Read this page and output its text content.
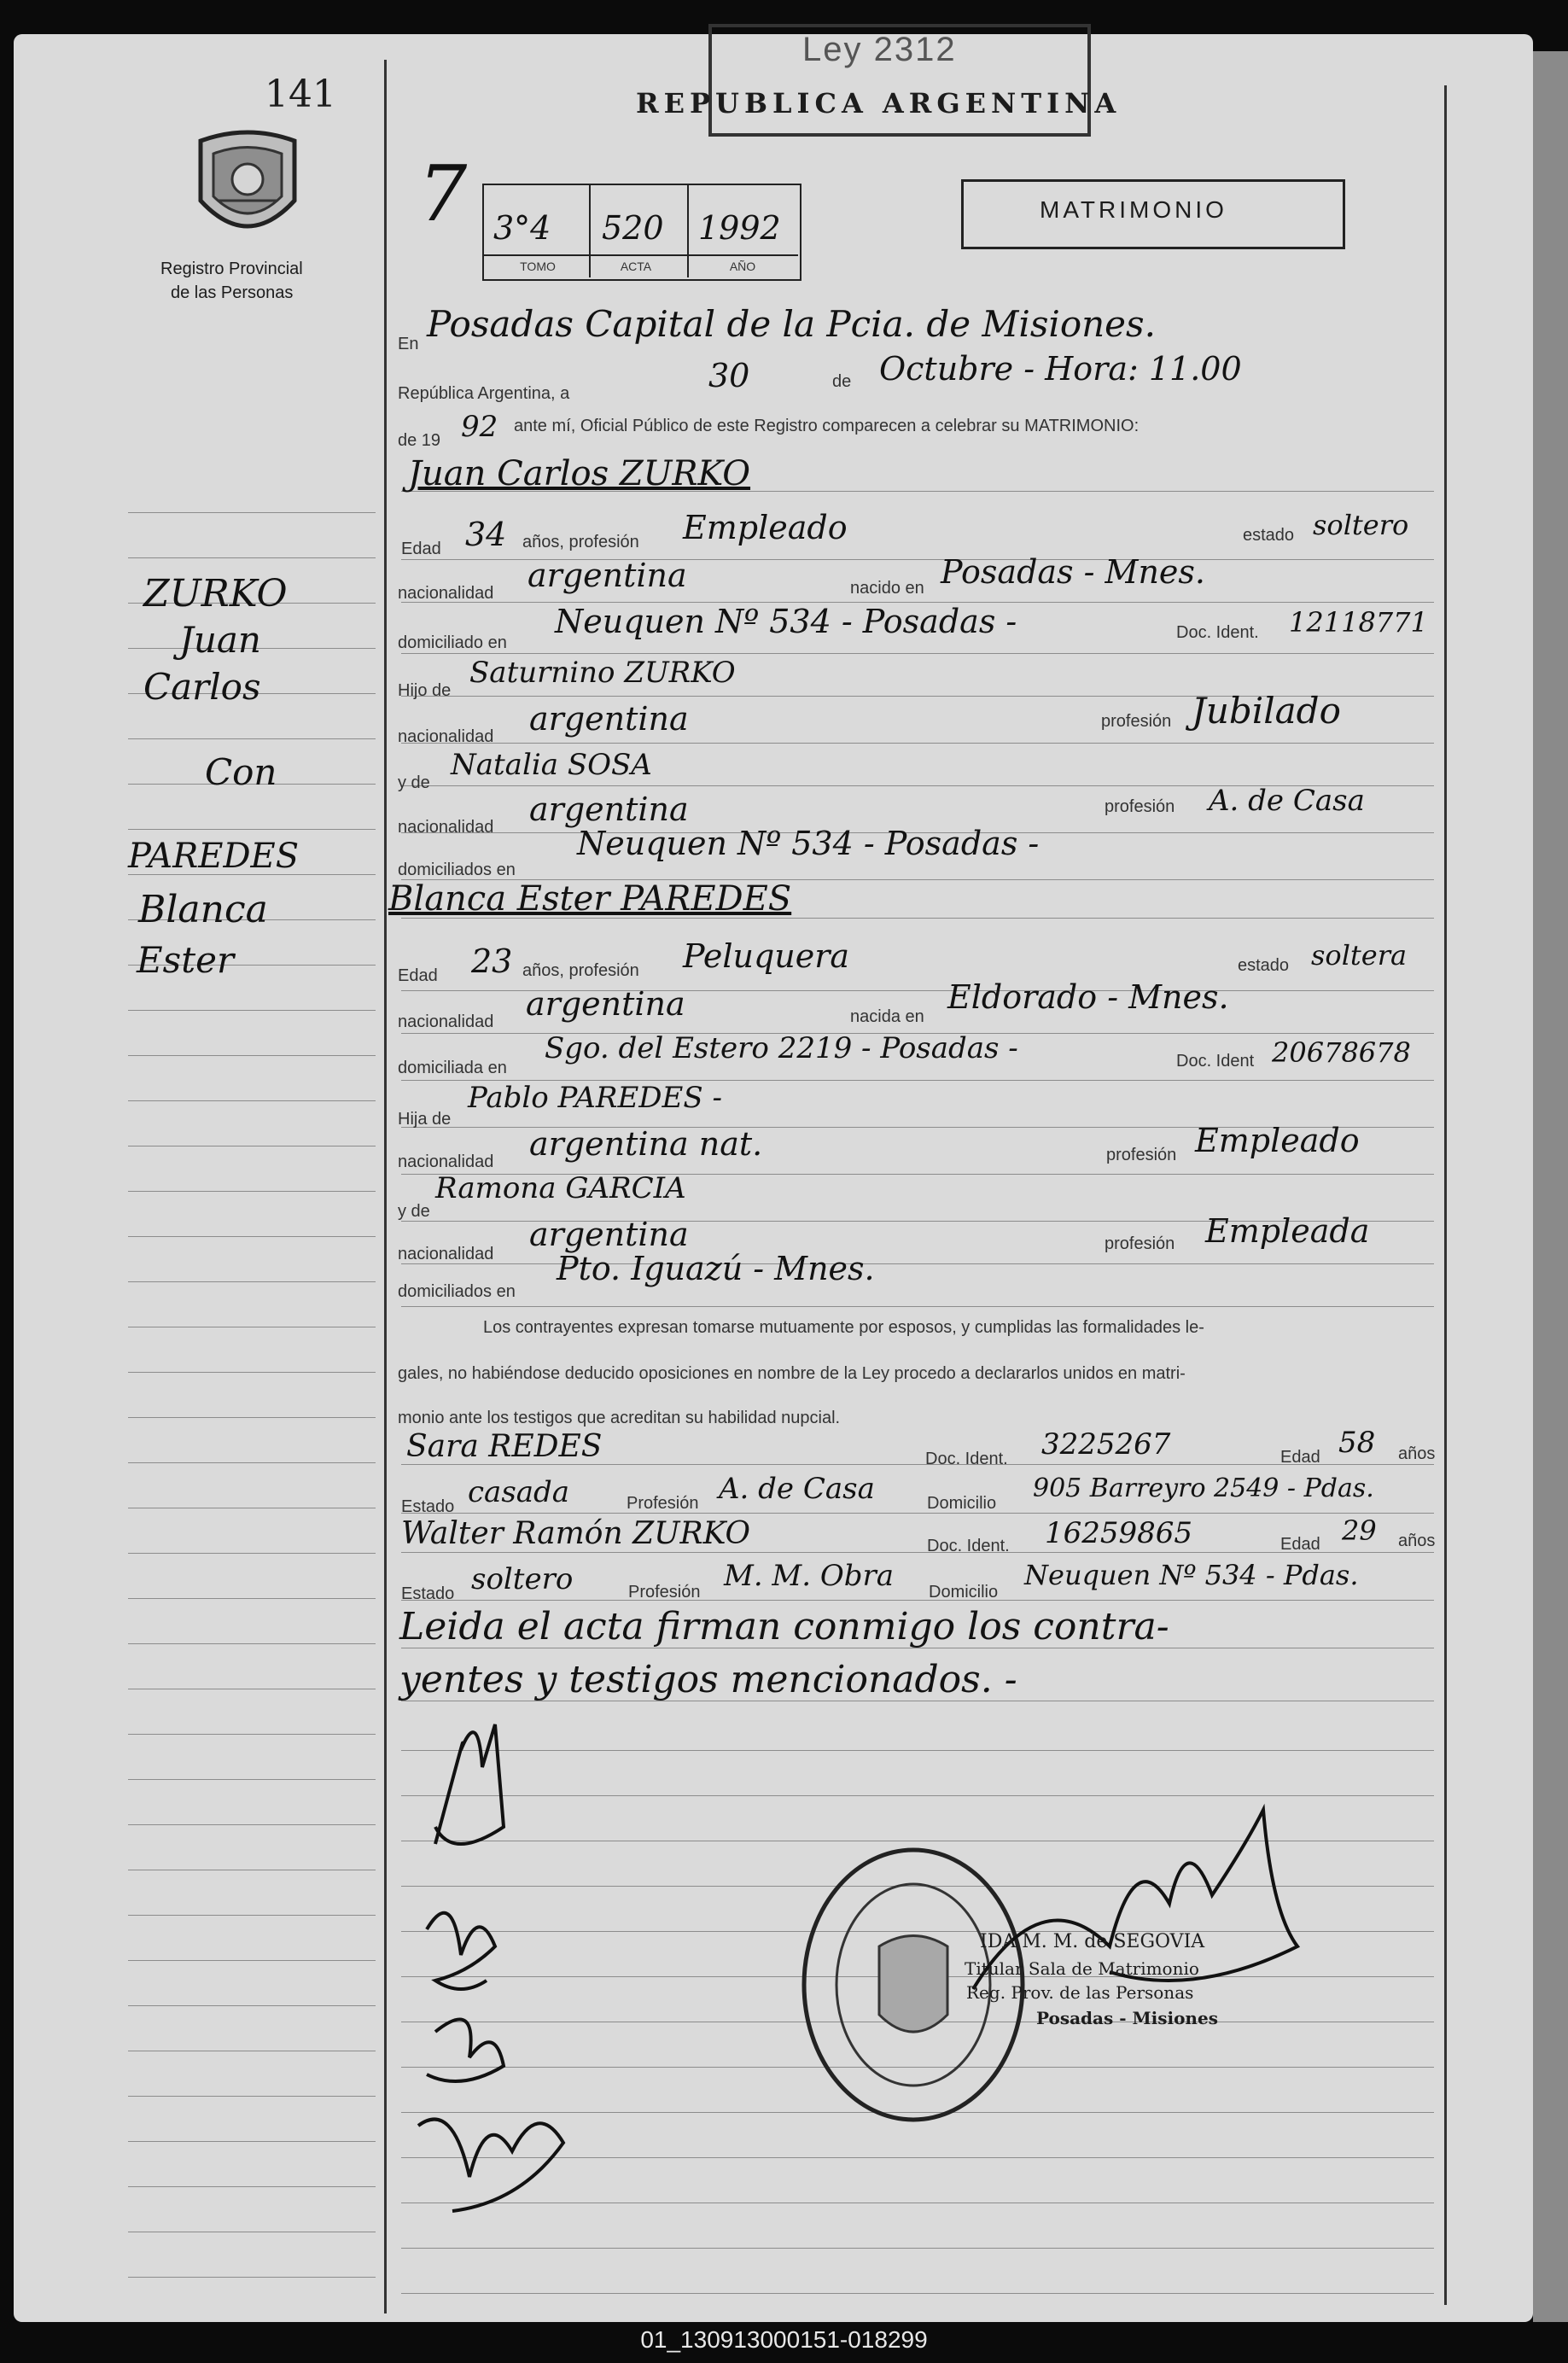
141
Ley 2312
REPUBLICA ARGENTINA
Registro Provincial
de las Personas
MATRIMONIO
7 3°4 520 1992
TOMO	ACTA	AÑO
En Posadas Capital de la Pcia. de Misiones.
República Argentina, a	30	de Octubre - Hora: 11.00
de 19 92 ante mí, Oficial Público de este Registro comparecen a celebrar su MATRIMONIO:
Juan Carlos ZURKO
Edad 34 años, profesión Empleado	estado soltero
nacionalidad argentina	nacido en Posadas - Mnes.
domiciliado en
Neuquen Nº 534 - Posadas -	Doc. Ident. 12118771
Hijo de
Saturnino ZURKO
nacionalidad argentina	profesión Jubilado
y de
Natalia SOSA
nacionalidad argentina	profesión A. de Casa
domiciliados en
Neuquen Nº 534 - Posadas -
Blanca Ester PAREDES
Edad 23 años, profesión Peluquera	estado soltera
nacionalidad argentina	nacida en
Eldorado - Mnes.
domiciliada en
Sgo. del Estero 2219 - Posadas -	Doc. Ident 20678678
Hija de
Pablo PAREDES -
nacionalidad argentina nat.	profesión Empleado
y de
Ramona GARCIA
nacionalidad
argentina	profesión Empleada
domiciliados en
Pto. Iguazú - Mnes.
Los contrayentes expresan tomarse mutuamente por esposos, y cumplidas las formalidades le-
gales, no habiéndose deducido oposiciones en nombre de la Ley procedo a declararlos unidos en matri-
monio ante los testigos que acreditan su habilidad nupcial.
Sara REDES	Doc. Ident. 3225267	Edad 58 años
Estado casada	Profesión A. de Casa	Domicilio 905 Barreyro 2549 - Pdas.
Walter Ramón ZURKO	Doc. Ident. 16259865	Edad 29 años
Estado soltero	Profesión M. M. Obra Domicilio
Neuquen Nº 534 - Pdas.
Leida el acta firman conmigo los contra-
yentes y testigos mencionados. -
ZURKO
Juan
Carlos
Con
PAREDES
Blanca
Ester
IDA M. M. de SEGOVIA
Titular Sala de Matrimonio
Reg. Prov. de las Personas
Posadas - Misiones
01_130913000151-018299
